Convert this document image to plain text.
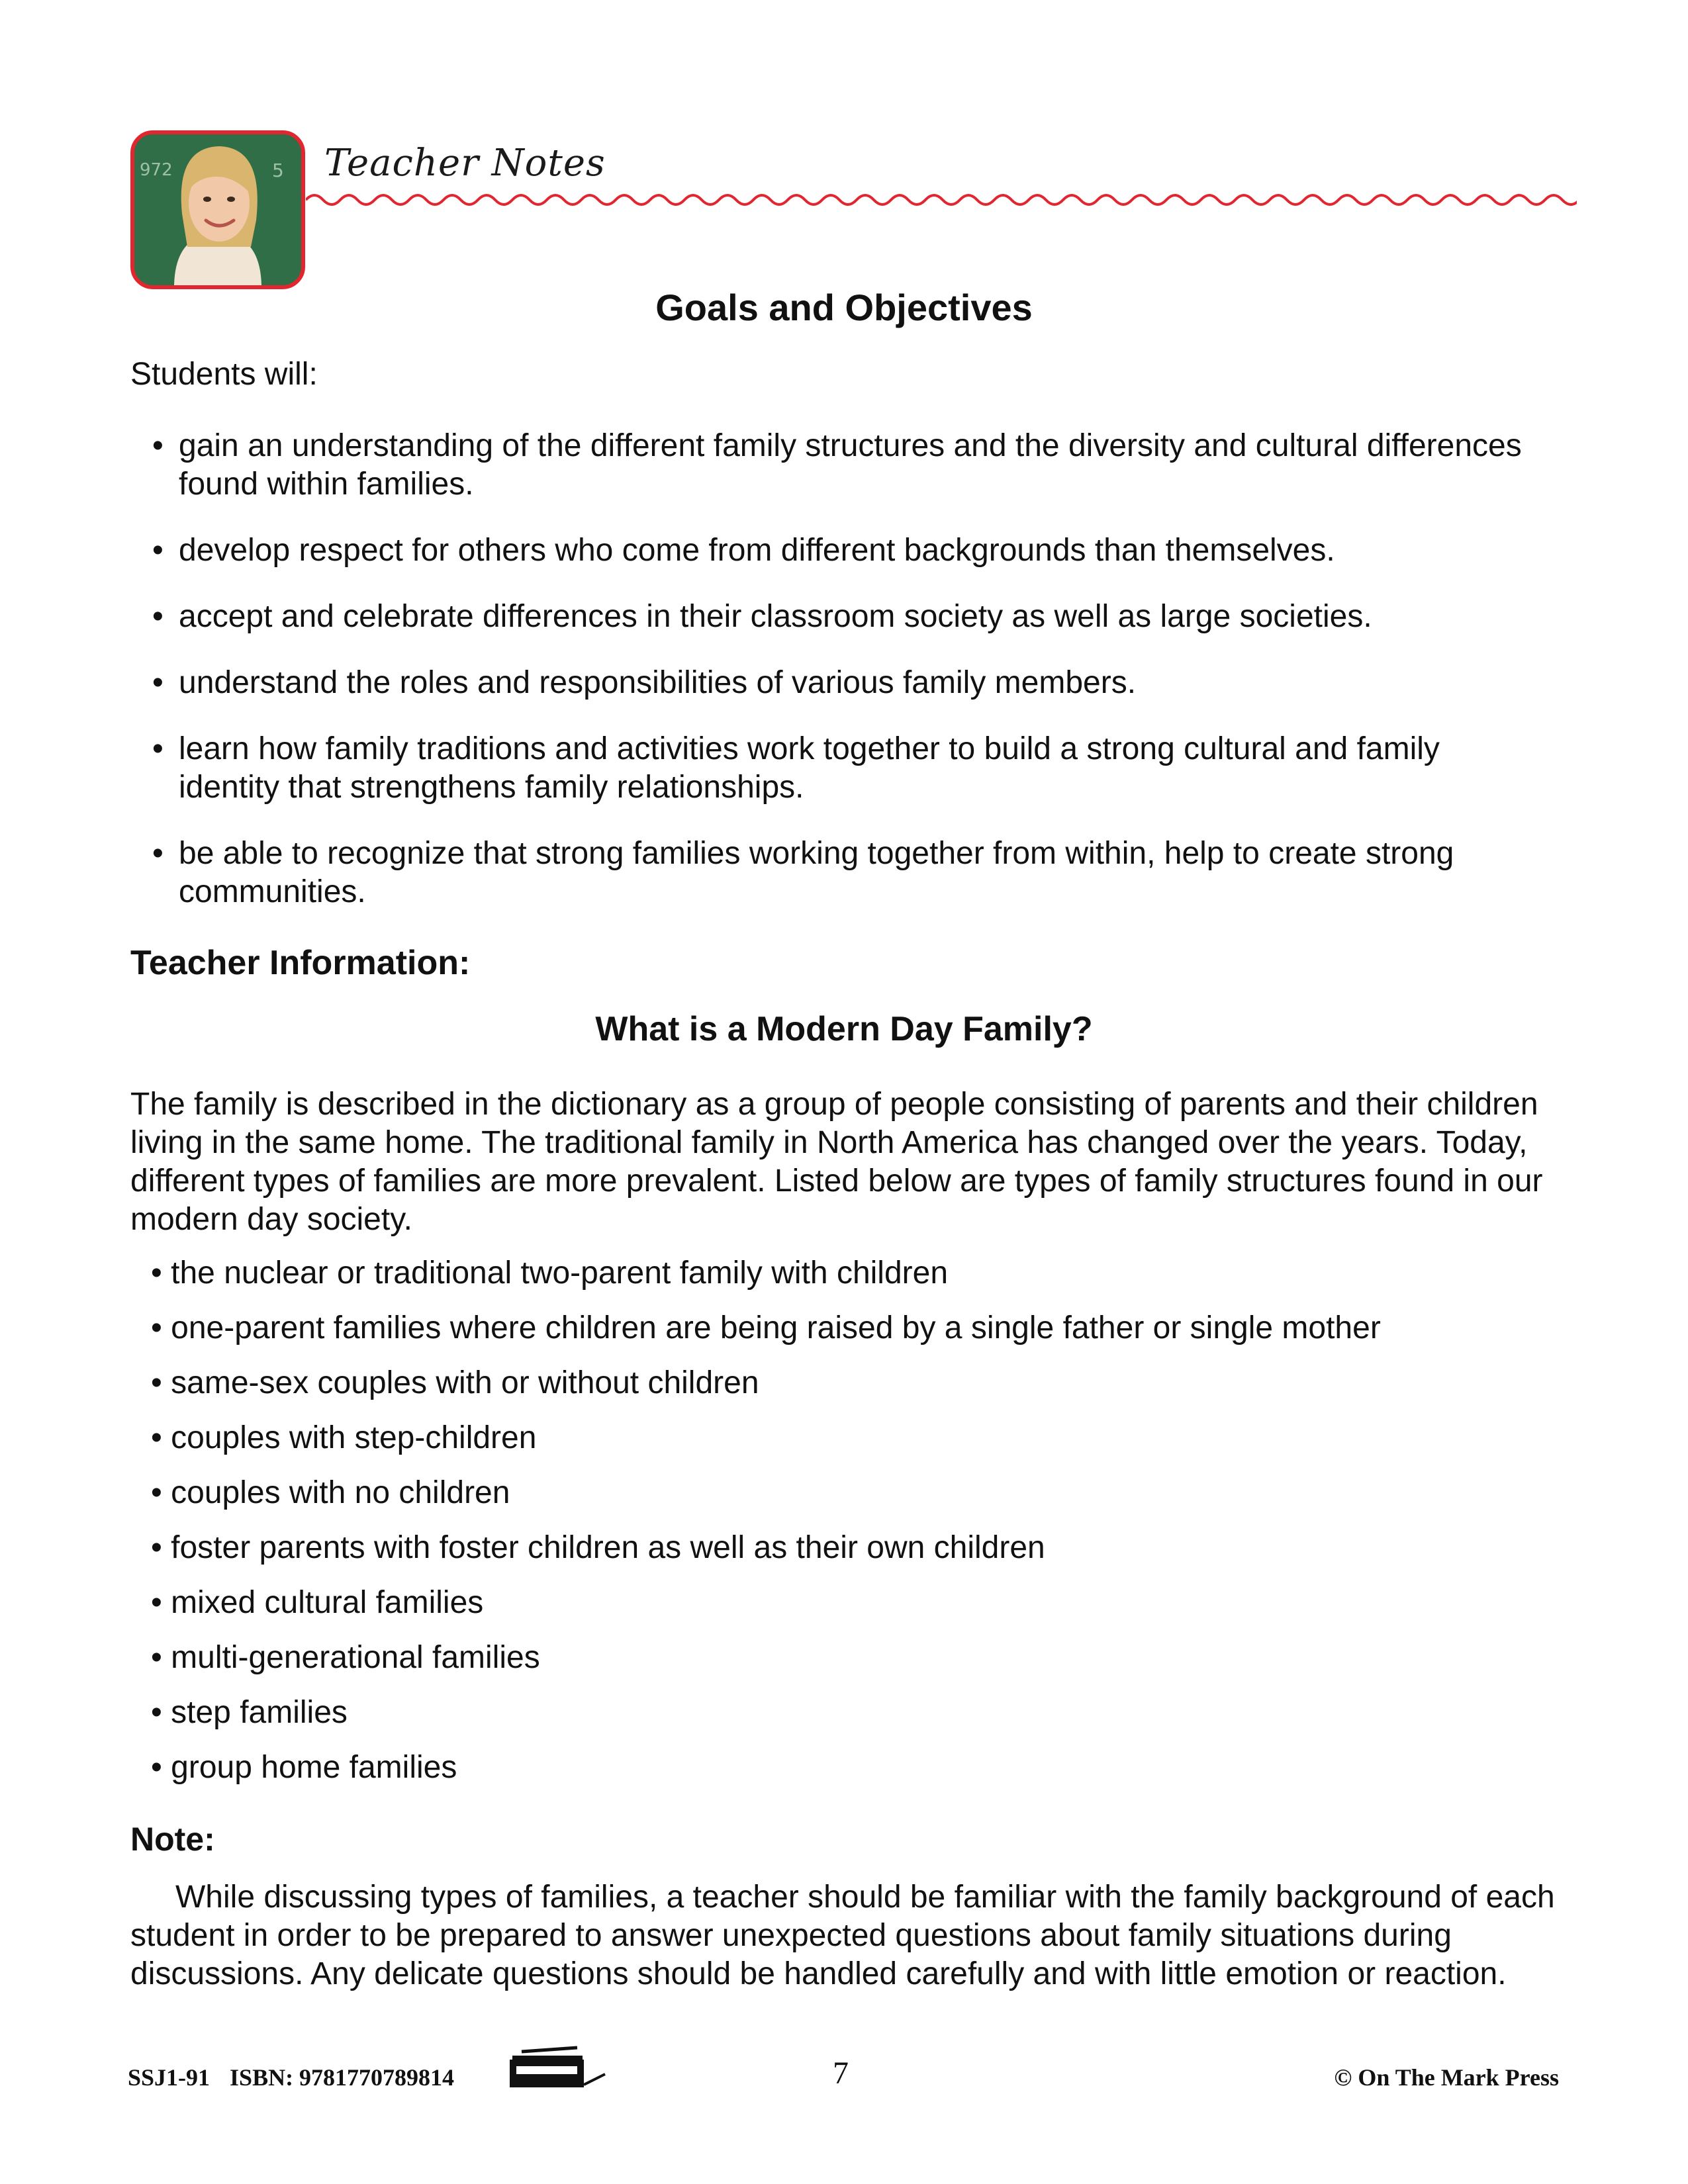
972	5 Teacher Notes
Goals and Objectives
Students will:
• gain an understanding of the different family structures and the diversity and cultural differences found within families.
• develop respect for others who come from different backgrounds than themselves.
• accept and celebrate differences in their classroom society as well as large societies.
• understand the roles and responsibilities of various family members.
• learn how family traditions and activities work together to build a strong cultural and family identity that strengthens family relationships.
• be able to recognize that strong families working together from within, help to create strong communities.
Teacher Information:
What is a Modern Day Family?

The family is described in the dictionary as a group of people consisting of parents and their children living in the same home. The traditional family in North America has changed over the years. Today, different types of families are more prevalent. Listed below are types of family structures found in our modern day society.

• the nuclear or traditional two-parent family with children
• one-parent families where children are being raised by a single father or single mother
• same-sex couples with or without children
• couples with step-children
• couples with no children
• foster parents with foster children as well as their own children
• mixed cultural families
• multi-generational families
• step families
• group home families
Note:

While discussing types of families, a teacher should be familiar with the family background of each student in order to be prepared to answer unexpected questions about family situations during discussions. Any delicate questions should be handled carefully and with little emotion or reaction.

SSJ1-91 ISBN: 9781770789814	7	© On The Mark Press
